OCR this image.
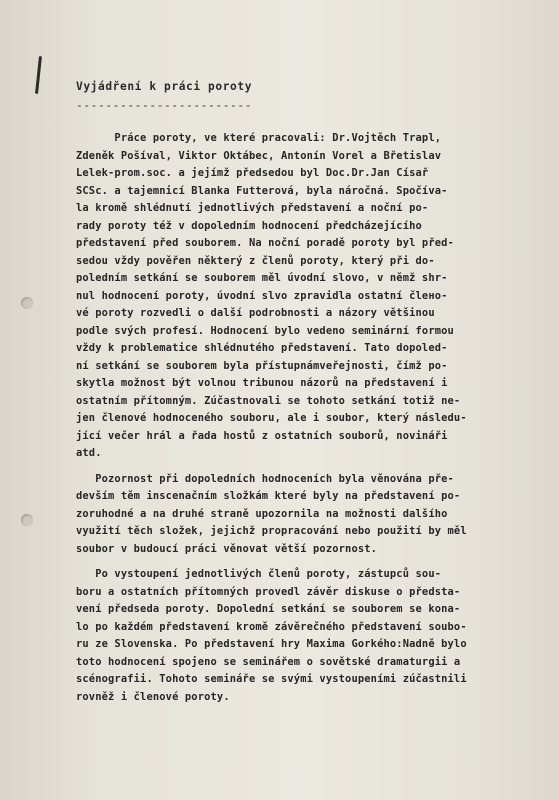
Vyjádření k práci poroty
------------------------
Práce poroty, ve které pracovali: Dr.Vojtěch Trapl,
Zdeněk Pošíval, Viktor Oktábec, Antonín Vorel a Břetislav
Lelek-prom.soc. a jejímž předsedou byl Doc.Dr.Jan Císař
SCSc. a tajemnicí Blanka Futterová, byla náročná. Spočíva-
la kromě shlédnutí jednotlivých představení a noční po-
rady poroty též v dopoledním hodnocení předcházejícího
představení před souborem. Na noční poradě poroty byl před-
sedou vždy pověřen některý z členů poroty, který při do-
poledním setkání se souborem měl úvodní slovo, v němž shr-
nul hodnocení poroty, úvodní slvo zpravidla ostatní člено-
vé poroty rozvedli o další podrobnosti a názory většinou
podle svých profesí. Hodnocení bylo vedeno seminární formou
vždy k problematice shlédnutého představení. Tato dopoled-
ní setkání se souborem byla přístupnámveřejnosti, čímž po-
skytla možnost být volnou tribunou názorů na představení i
ostatním přítomným. Zúčastnovali se tohoto setkání totiž ne-
jen členové hodnoceného souboru, ale i soubor, který následu-
jící večer hrál a řada hostů z ostatních souborů, novináři
atd.
Pozornost při dopoledních hodnoceních byla věnována pře-
devším těm inscenačním složkám které byly na představení po-
zoruhodné a na druhé straně upozornila na možnosti dalšího
využití těch složek, jejichž propracování nebo použití by měl
soubor v budoucí práci věnovat větší pozornost.
Po vystoupení jednotlivých členů poroty, zástupců sou-
boru a ostatních přítomných provedl závěr diskuse o předsta-
vení předseda poroty. Dopolední setkání se souborem se kona-
lo po každém představení kromě závěrečného představení soubo-
ru ze Slovenska. Po představení hry Maxima Gorkého:Nadně bylo
toto hodnocení spojeno se seminářem o sovětské dramaturgii a
scénografii. Tohoto semináře se svými vystoupeními zúčastnili
rovněž i členové poroty.
